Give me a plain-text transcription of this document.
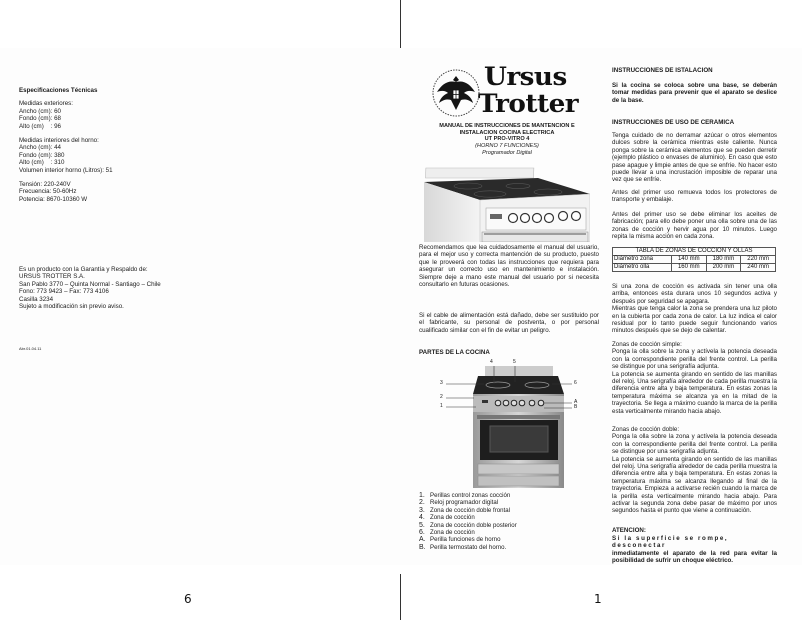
Especificaciones Técnicas
Medidas exteriores:
Ancho (cm): 60
Fondo (cm): 68
Alto (cm)    : 96
Medidas interiores del horno:
Ancho (cm): 44
Fondo (cm): 380
Alto (cm)    : 310
Volumen interior horno (Litros): 51
Tensión: 220-240V
Frecuencia: 50-60Hz
Potencia: 8670-10360 W
Es un producto con la Garantía y Respaldo de:
URSUS TROTTER S.A.
San Pablo 3770 – Quinta Normal - Santiago – Chile
Fono: 773 9423 – Fax: 773 4106
Casilla 3234
Sujeto a modificación sin previo aviso.
Abr.01.04.11
6
Ursus
Trotter
MANUAL DE INSTRUCCIONES DE MANTENCION E
INSTALACION COCINA ELECTRICA
UT PRO-VITRO 4
(HORNO 7 FUNCIONES)
Programador Digital
Recomendamos que lea cuidadosamente el manual del usuario, para el mejor uso y correcta mantención de su producto, puesto que le proveerá con todas las instrucciones que requiera para asegurar un correcto uso en mantenimiento e instalación. Siempre deje a mano este manual del usuario por si necesita consultarlo en futuras ocasiones.
Si el cable de alimentación está dañado, debe ser sustituido por el fabricante, su personal de postventa, o por personal cualificado similar con el fin de evitar un peligro.
PARTES DE LA COCINA
4	5
3	6
2
A
1	B
1. Perillas control zonas cocción
2. Reloj programador digital
3. Zona de cocción doble frontal
4. Zona de cocción
5. Zona de cocción doble posterior
6. Zona de cocción
A. Perilla funciones de horno
B. Perilla termostato del horno.
INSTRUCCIONES DE ISTALACION
Si la cocina se coloca sobre una base, se deberán tomar medidas para prevenir que el aparato se deslice de la base.
INSTRUCCIONES DE USO DE CERAMICA
Tenga cuidado de no derramar azúcar o otros elementos dulces sobre la cerámica mientras este caliente. Nunca ponga sobre la cerámica elementos que se pueden derretir (ejemplo plástico o envases de aluminio). En caso que esto pase apague y limpie antes de que se enfríe. No hacer esto puede llevar a una incrustación imposible de reparar una vez que se enfríe.
Antes del primer uso remueva todos los protectores de transporte y embalaje.
Antes del primer uso se debe eliminar los aceites de fabricación; para ello debe poner una olla sobre una de las zonas de cocción y hervir agua por 10 minutos. Luego repita la misma acción en cada zona.
TABLA DE ZONAS DE COCCION Y OLLAS			
Diámetro zona	140 mm	180 mm	220 mm
Diámetro olla	160 mm	200 mm	240 mm
Si una zona de cocción es activada sin tener una olla arriba, entonces esta durara unos 10 segundos activa y después por seguridad se apagara.
Mientras que tenga calor la zona se prendera una luz piloto en la cubierta por cada zona de calor. La luz indica el calor residual por lo tanto puede seguir funcionando varios minutos después que se dejo de calentar.
Zonas de cocción simple:
Ponga la olla sobre la zona y actívela la potencia deseada con la correspondiente perilla del frente control. La perilla se distingue por una serigrafía adjunta.
La potencia se aumenta girando en sentido de las manillas del reloj. Una serigrafía alrededor de cada perilla muestra la diferencia entre alta y baja temperatura. En estas zonas la temperatura máxima se alcanza ya en la mitad de la trayectoria. Se llega a máximo cuando la marca de la perilla esta verticalmente mirando hacia abajo.
Zonas de cocción doble:
Ponga la olla sobre la zona y actívela la potencia deseada con la correspondiente perilla del frente control. La perilla se distingue por una serigrafía adjunta.
La potencia se aumenta girando en sentido de las manillas del reloj. Una serigrafía alrededor de cada perilla muestra la diferencia entre alta y baja temperatura. En estas zonas la temperatura máxima se alcanza llegando al final de la trayectoria. Empieza a activarse recién cuando la marca de la perilla esta verticalmente mirando hacia abajo. Para activar la segunda zona debe pasar de máximo por unos segundos hasta el punto que viene a continuación.
ATENCION:
Si la superficie se rompe, desconectar
inmediatamente el aparato de la red para evitar la posibilidad de sufrir un choque eléctrico.
1
